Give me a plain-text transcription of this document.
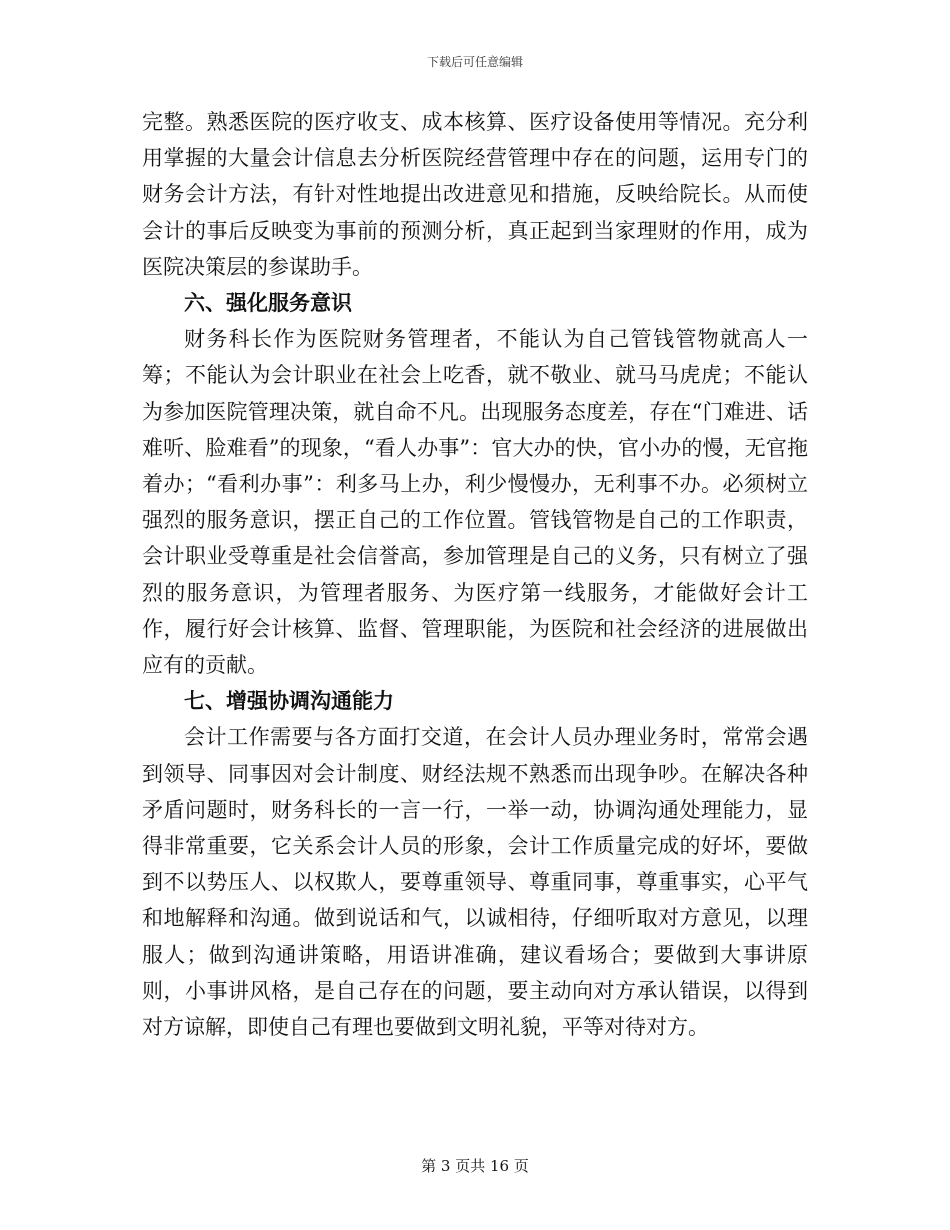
下载后可任意编辑

完整。熟悉医院的医疗收支、成本核算、医疗设备使用等情况。充分利用掌握的大量会计信息去分析医院经营管理中存在的问题，运用专门的财务会计方法，有针对性地提出改进意见和措施，反映给院长。从而使会计的事后反映变为事前的预测分析，真正起到当家理财的作用，成为医院决策层的参谋助手。

六、强化服务意识

财务科长作为医院财务管理者，不能认为自己管钱管物就高人一筹；不能认为会计职业在社会上吃香，就不敬业、就马马虎虎；不能认为参加医院管理决策，就自命不凡。出现服务态度差，存在“门难进、话难听、脸难看”的现象，“看人办事”：官大办的快，官小办的慢，无官拖着办；“看利办事”：利多马上办，利少慢慢办，无利事不办。必须树立强烈的服务意识，摆正自己的工作位置。管钱管物是自己的工作职责，会计职业受尊重是社会信誉高，参加管理是自己的义务，只有树立了强烈的服务意识，为管理者服务、为医疗第一线服务，才能做好会计工作，履行好会计核算、监督、管理职能，为医院和社会经济的进展做出应有的贡献。

七、增强协调沟通能力

会计工作需要与各方面打交道，在会计人员办理业务时，常常会遇到领导、同事因对会计制度、财经法规不熟悉而出现争吵。在解决各种矛盾问题时，财务科长的一言一行，一举一动，协调沟通处理能力，显得非常重要，它关系会计人员的形象，会计工作质量完成的好坏，要做到不以势压人、以权欺人，要尊重领导、尊重同事，尊重事实，心平气和地解释和沟通。做到说话和气，以诚相待，仔细听取对方意见，以理服人；做到沟通讲策略，用语讲准确，建议看场合；要做到大事讲原则，小事讲风格，是自己存在的问题，要主动向对方承认错误，以得到对方谅解，即使自己有理也要做到文明礼貌，平等对待对方。

第 3 页共 16 页
